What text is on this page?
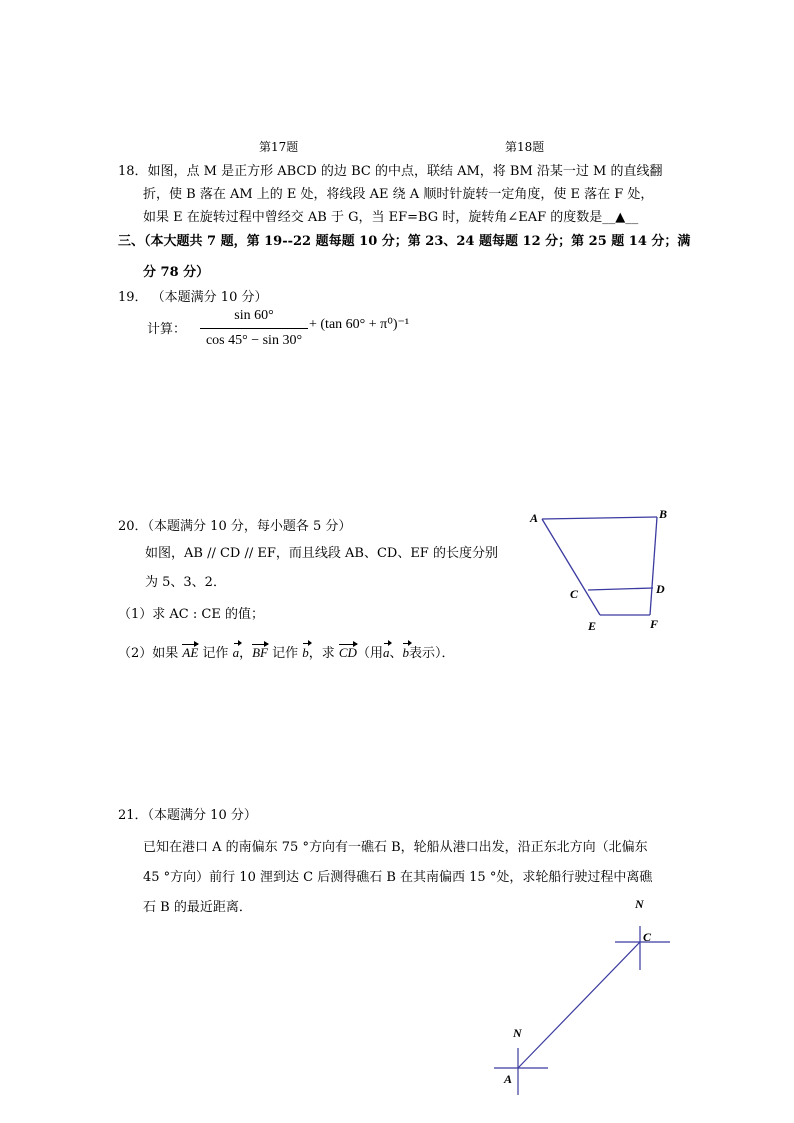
第17题	第18题
18．如图，点 M 是正方形 ABCD 的边 BC 的中点，联结 AM，将 BM 沿某一过 M 的直线翻
折，使 B 落在 AM 上的 E 处，将线段 AE 绕 A 顺时针旋转一定角度，使 E 落在 F 处，
如果 E 在旋转过程中曾经交 AB 于 G，当 EF=BG 时，旋转角∠EAF 的度数是__▲__
三、（本大题共 7 题，第 19--22 题每题 10 分；第 23、24 题每题 12 分；第 25 题 14 分；满
分 78 分）
19． （本题满分 10 分）
计算：
sin 60°
cos 45° − sin 30°
+ (tan 60° + π⁰)⁻¹
20．（本题满分 10 分，每小题各 5 分）
如图，AB // CD // EF，而且线段 AB、CD、EF 的长度分别
为 5、3、2．
（1）求 AC : CE 的值；
（2）如果 AE 记作 a，BF 记作 b，求 CD（用a、b表示）．
A	B
C	D
E	F
21．（本题满分 10 分）
已知在港口 A 的南偏东 75 °方向有一礁石 B，轮船从港口出发，沿正东北方向（北偏东
45 °方向）前行 10 浬到达 C 后测得礁石 B 在其南偏西 15 °处，求轮船行驶过程中离礁
石 B 的最近距离．	N
C
N
A
